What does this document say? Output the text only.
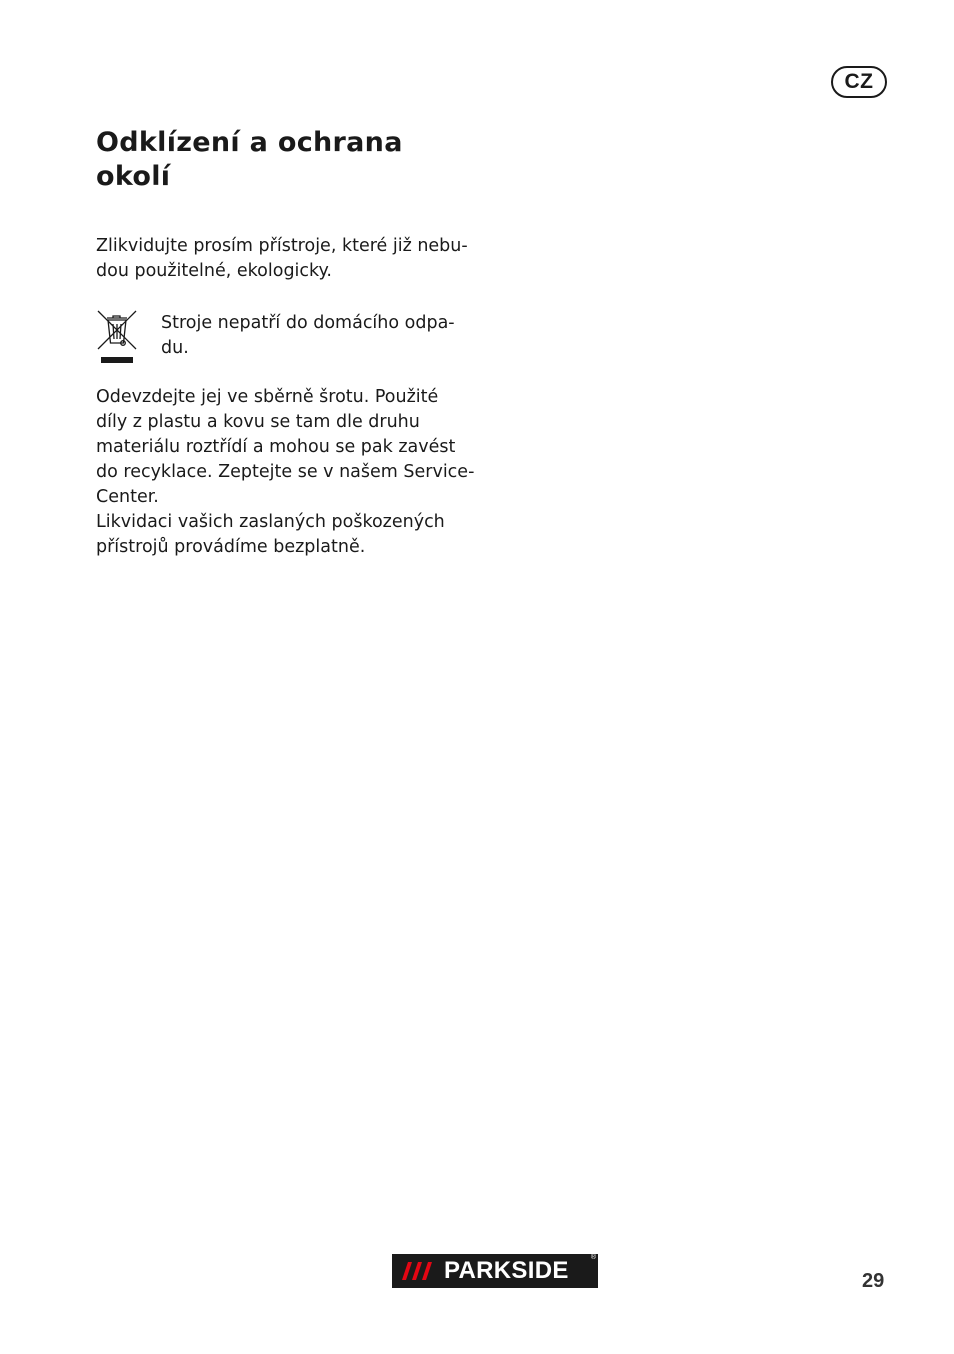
CZ
Odklízení a ochrana
okolí

Zlikvidujte prosím přístroje, které již nebu-
dou použitelné, ekologicky.

Stroje nepatří do domácího odpa-
du.

Odevzdejte jej ve sběrně šrotu. Použité
díly z plastu a kovu se tam dle druhu
materiálu roztřídí a mohou se pak zavést
do recyklace. Zeptejte se v našem Service-
Center.
Likvidaci vašich zaslaných poškozených
přístrojů provádíme bezplatně.

PARKSIDE	®
29
